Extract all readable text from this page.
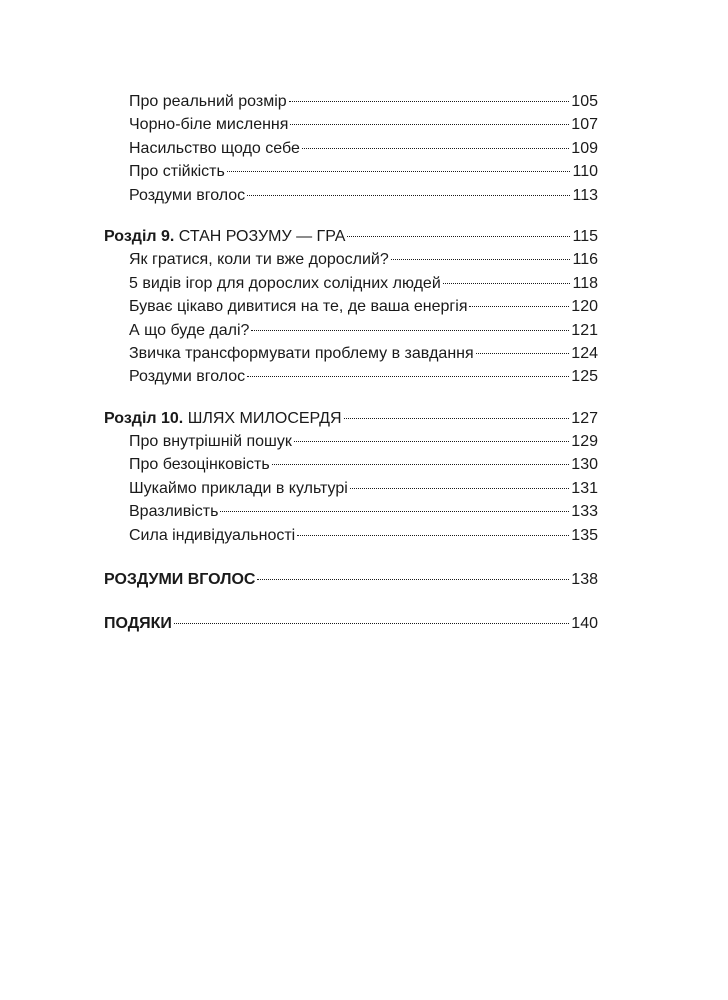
Про реальний розмір	105
Чорно-біле мислення	107
Насильство щодо себе	109
Про стійкість	110
Роздуми вголос	113
Розділ 9. СТАН РОЗУМУ — ГРА	115
Як гратися, коли ти вже дорослий?	116
5 видів ігор для дорослих солідних людей	118
Буває цікаво дивитися на те, де ваша енергія	120
А що буде далі?	121
Звичка трансформувати проблему в завдання	124
Роздуми вголос	125
Розділ 10. ШЛЯХ МИЛОСЕРДЯ	127
Про внутрішній пошук	129
Про безоцінковість	130
Шукаймо приклади в культурі	131
Вразливість	133
Сила індивідуальності	135
РОЗДУМИ ВГОЛОС	138
ПОДЯКИ	140
